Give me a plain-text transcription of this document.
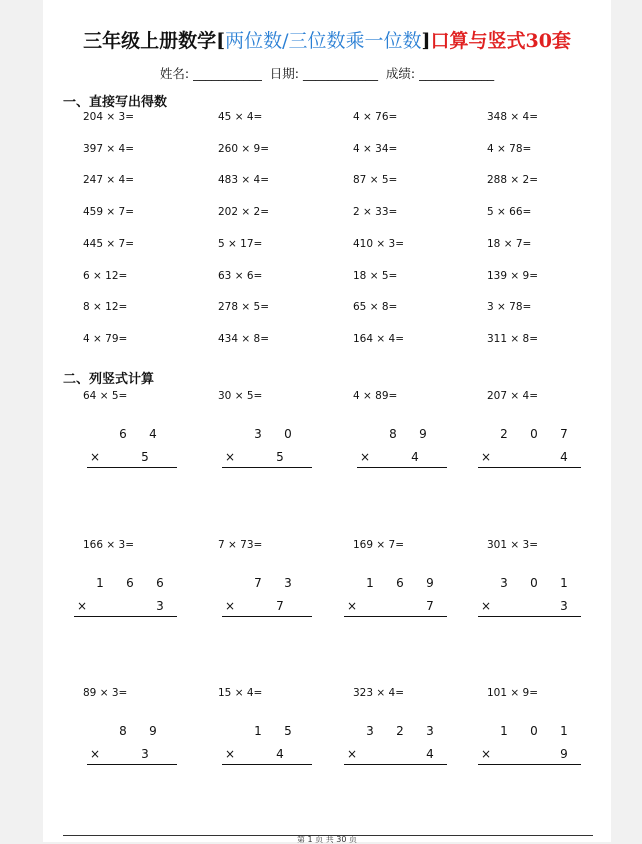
三年级上册数学[两位数/三位数乘一位数]口算与竖式30套
姓名: ___________  日期: ____________  成绩: ____________
一、直接写出得数
204 × 3=	45 × 4=	4 × 76=	348 × 4=
397 × 4=	260 × 9=	4 × 34=	4 × 78=
247 × 4=	483 × 4=	87 × 5=	288 × 2=
459 × 7=	202 × 2=	2 × 33=	5 × 66=
445 × 7=	5 × 17=	410 × 3=	18 × 7=
6 × 12=	63 × 6=	18 × 5=	139 × 9=
8 × 12=	278 × 5=	65 × 8=	3 × 78=
4 × 79=	434 × 8=	164 × 4=	311 × 8=
二、列竖式计算
64 × 5=
6 4
×	5
30 × 5=
3 0
×	5
4 × 89=
8 9
×	4
207 × 4=
2 0 7
×	4
166 × 3=
1 6 6
×	3
7 × 73=
7 3
×	7
169 × 7=
1 6 9
×	7
301 × 3=
3 0 1
×	3
89 × 3=
8 9
×	3
15 × 4=
1 5
×	4
323 × 4=
3 2 3
×	4
101 × 9=
1 0 1
×	9
第 1 页 共 30 页
